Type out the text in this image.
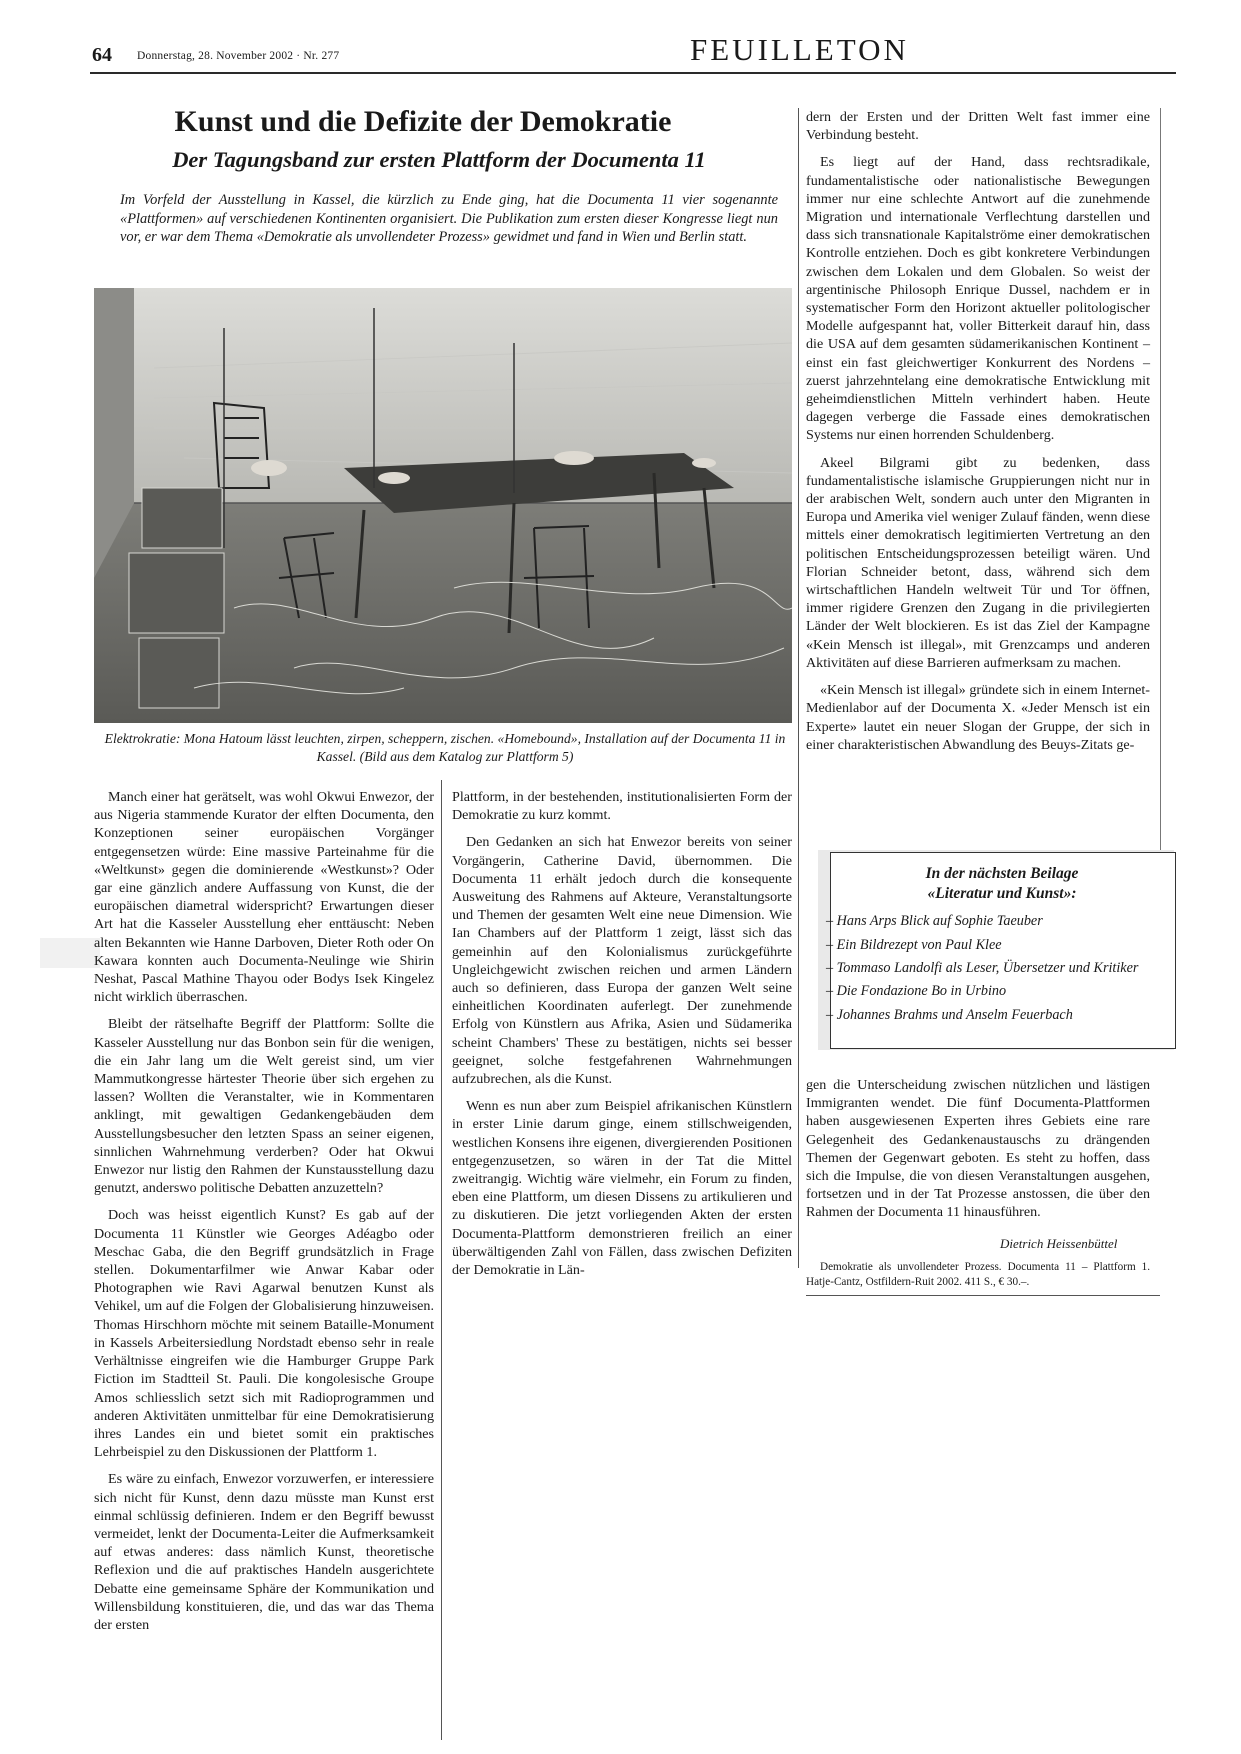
64 Donnerstag, 28. November 2002 · Nr. 277	FEUILLETON
Kunst und die Defizite der Demokratie
Der Tagungsband zur ersten Plattform der Documenta 11
Im Vorfeld der Ausstellung in Kassel, die kürzlich zu Ende ging, hat die Documenta 11 vier sogenannte «Plattformen» auf verschiedenen Kontinenten organisiert. Die Publikation zum ersten dieser Kongresse liegt nun vor, er war dem Thema «Demokratie als unvollendeter Prozess» gewidmet und fand in Wien und Berlin statt.
Elektrokratie: Mona Hatoum lässt leuchten, zirpen, scheppern, zischen. «Homebound», Installation auf der Documenta 11 in Kassel. (Bild aus dem Katalog zur Plattform 5)

Manch einer hat gerätselt, was wohl Okwui Enwezor, der aus Nigeria stammende Kurator der elften Documenta, den Konzeptionen seiner europäischen Vorgänger entgegensetzen würde: Eine massive Parteinahme für die «Weltkunst» gegen die dominierende «Westkunst»? Oder gar eine gänzlich andere Auffassung von Kunst, die der europäischen diametral widerspricht? Erwartungen dieser Art hat die Kasseler Ausstellung eher enttäuscht: Neben alten Bekannten wie Hanne Darboven, Dieter Roth oder On Kawara konnten auch Documenta-Neulinge wie Shirin Neshat, Pascal Mathine Thayou oder Bodys Isek Kingelez nicht wirklich überraschen.

Bleibt der rätselhafte Begriff der Plattform: Sollte die Kasseler Ausstellung nur das Bonbon sein für die wenigen, die ein Jahr lang um die Welt gereist sind, um vier Mammutkongresse härtester Theorie über sich ergehen zu lassen? Wollten die Veranstalter, wie in Kommentaren anklingt, mit gewaltigen Gedankengebäuden dem Ausstellungsbesucher den letzten Spass an seiner eigenen, sinnlichen Wahrnehmung verderben? Oder hat Okwui Enwezor nur listig den Rahmen der Kunstausstellung dazu genutzt, anderswo politische Debatten anzuzetteln?

Doch was heisst eigentlich Kunst? Es gab auf der Documenta 11 Künstler wie Georges Adéagbo oder Meschac Gaba, die den Begriff grundsätzlich in Frage stellen. Dokumentarfilmer wie Anwar Kabar oder Photographen wie Ravi Agarwal benutzen Kunst als Vehikel, um auf die Folgen der Globalisierung hinzuweisen. Thomas Hirschhorn möchte mit seinem Bataille-Monument in Kassels Arbeitersiedlung Nordstadt ebenso sehr in reale Verhältnisse eingreifen wie die Hamburger Gruppe Park Fiction im Stadtteil St. Pauli. Die kongolesische Groupe Amos schliesslich setzt sich mit Radioprogrammen und anderen Aktivitäten unmittelbar für eine Demokratisierung ihres Landes ein und bietet somit ein praktisches Lehrbeispiel zu den Diskussionen der Plattform 1.

Es wäre zu einfach, Enwezor vorzuwerfen, er interessiere sich nicht für Kunst, denn dazu müsste man Kunst erst einmal schlüssig definieren. Indem er den Begriff bewusst vermeidet, lenkt der Documenta-Leiter die Aufmerksamkeit auf etwas anderes: dass nämlich Kunst, theoretische Reflexion und die auf praktisches Handeln ausgerichtete Debatte eine gemeinsame Sphäre der Kommunikation und Willensbildung konstituieren, die, und das war das Thema der ersten

Plattform, in der bestehenden, institutionalisierten Form der Demokratie zu kurz kommt.

Den Gedanken an sich hat Enwezor bereits von seiner Vorgängerin, Catherine David, übernommen. Die Documenta 11 erhält jedoch durch die konsequente Ausweitung des Rahmens auf Akteure, Veranstaltungsorte und Themen der gesamten Welt eine neue Dimension. Wie Ian Chambers auf der Plattform 1 zeigt, lässt sich das gemeinhin auf den Kolonialismus zurückgeführte Ungleichgewicht zwischen reichen und armen Ländern auch so definieren, dass Europa der ganzen Welt seine einheitlichen Koordinaten auferlegt. Der zunehmende Erfolg von Künstlern aus Afrika, Asien und Südamerika scheint Chambers' These zu bestätigen, nichts sei besser geeignet, solche festgefahrenen Wahrnehmungen aufzubrechen, als die Kunst.

Wenn es nun aber zum Beispiel afrikanischen Künstlern in erster Linie darum ginge, einem stillschweigenden, westlichen Konsens ihre eigenen, divergierenden Positionen entgegenzusetzen, so wären in der Tat die Mittel zweitrangig. Wichtig wäre vielmehr, ein Forum zu finden, eben eine Plattform, um diesen Dissens zu artikulieren und zu diskutieren. Die jetzt vorliegenden Akten der ersten Documenta-Plattform demonstrieren freilich an einer überwältigenden Zahl von Fällen, dass zwischen Defiziten der Demokratie in Län-

dern der Ersten und der Dritten Welt fast immer eine Verbindung besteht.

Es liegt auf der Hand, dass rechtsradikale, fundamentalistische oder nationalistische Bewegungen immer nur eine schlechte Antwort auf die zunehmende Migration und internationale Verflechtung darstellen und dass sich transnationale Kapitalströme einer demokratischen Kontrolle entziehen. Doch es gibt konkretere Verbindungen zwischen dem Lokalen und dem Globalen. So weist der argentinische Philosoph Enrique Dussel, nachdem er in systematischer Form den Horizont aktueller politologischer Modelle aufgespannt hat, voller Bitterkeit darauf hin, dass die USA auf dem gesamten südamerikanischen Kontinent – einst ein fast gleichwertiger Konkurrent des Nordens – zuerst jahrzehntelang eine demokratische Entwicklung mit geheimdienstlichen Mitteln verhindert haben. Heute dagegen verberge die Fassade eines demokratischen Systems nur einen horrenden Schuldenberg.

Akeel Bilgrami gibt zu bedenken, dass fundamentalistische islamische Gruppierungen nicht nur in der arabischen Welt, sondern auch unter den Migranten in Europa und Amerika viel weniger Zulauf fänden, wenn diese mittels einer demokratisch legitimierten Vertretung an den politischen Entscheidungsprozessen beteiligt wären. Und Florian Schneider betont, dass, während sich dem wirtschaftlichen Handeln weltweit Tür und Tor öffnen, immer rigidere Grenzen den Zugang in die privilegierten Länder der Welt blockieren. Es ist das Ziel der Kampagne «Kein Mensch ist illegal», mit Grenzcamps und anderen Aktivitäten auf diese Barrieren aufmerksam zu machen.

«Kein Mensch ist illegal» gründete sich in einem Internet-Medienlabor auf der Documenta X. «Jeder Mensch ist ein Experte» lautet ein neuer Slogan der Gruppe, der sich in einer charakteristischen Abwandlung des Beuys-Zitats ge-

In der nächsten Beilage
«Literatur und Kunst»:
– Hans Arps Blick auf Sophie Taeuber
– Ein Bildrezept von Paul Klee
– Tommaso Landolfi als Leser, Übersetzer und Kritiker
– Die Fondazione Bo in Urbino
– Johannes Brahms und Anselm Feuerbach

gen die Unterscheidung zwischen nützlichen und lästigen Immigranten wendet. Die fünf Documenta-Plattformen haben ausgewiesenen Experten ihres Gebiets eine rare Gelegenheit des Gedankenaustauschs zu drängenden Themen der Gegenwart geboten. Es steht zu hoffen, dass sich die Impulse, die von diesen Veranstaltungen ausgehen, fortsetzen und in der Tat Prozesse anstossen, die über den Rahmen der Documenta 11 hinausführen.

Dietrich Heissenbüttel
Demokratie als unvollendeter Prozess. Documenta 11 – Plattform 1. Hatje-Cantz, Ostfildern-Ruit 2002. 411 S., € 30.–.
